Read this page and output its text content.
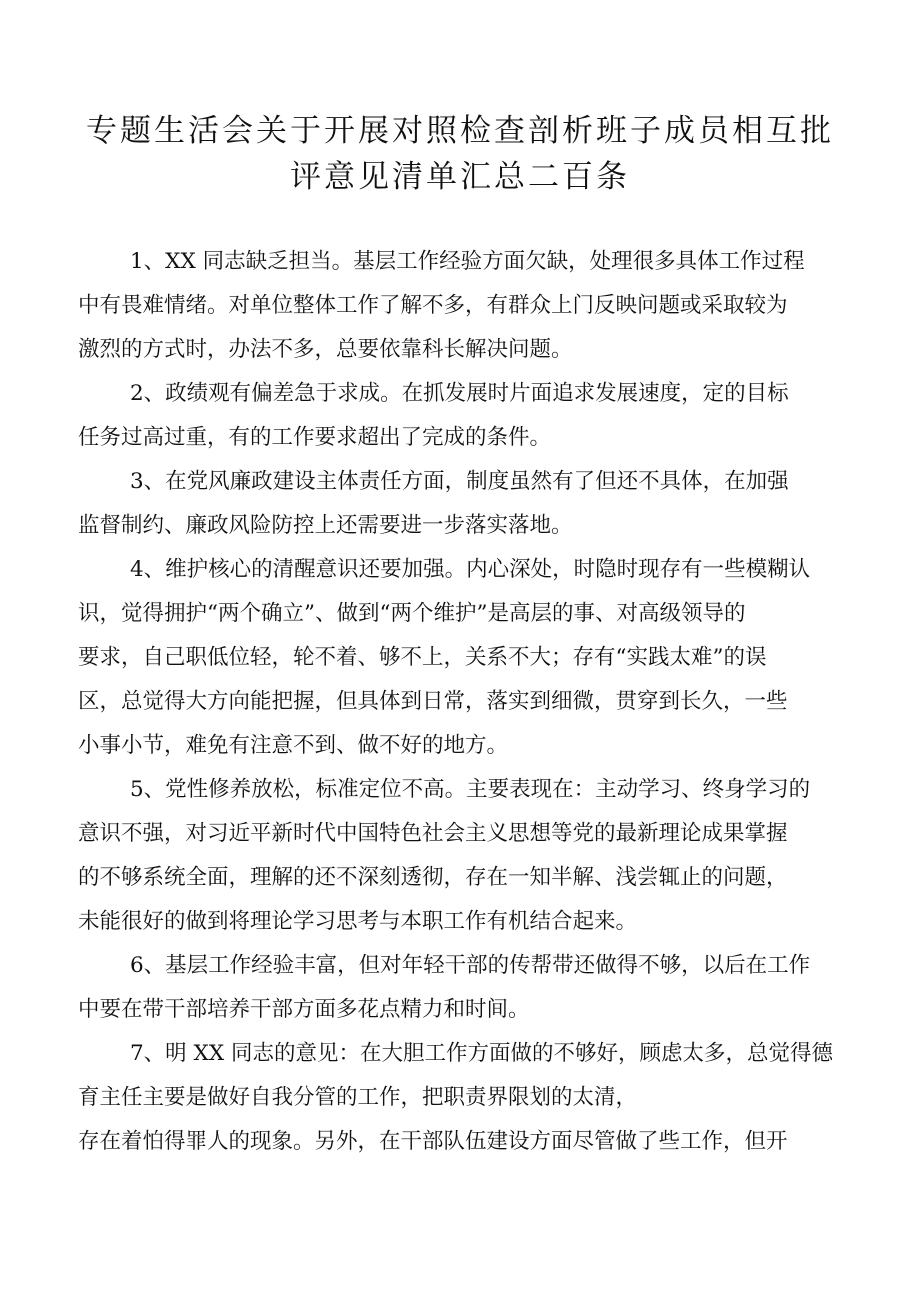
专题生活会关于开展对照检查剖析班子成员相互批
评意见清单汇总二百条

1、XX 同志缺乏担当。基层工作经验方面欠缺，处理很多具体工作过程
中有畏难情绪。对单位整体工作了解不多，有群众上门反映问题或采取较为
激烈的方式时，办法不多，总要依靠科长解决问题。

2、政绩观有偏差急于求成。在抓发展时片面追求发展速度，定的目标
任务过高过重，有的工作要求超出了完成的条件。

3、在党风廉政建设主体责任方面，制度虽然有了但还不具体，在加强
监督制约、廉政风险防控上还需要进一步落实落地。

4、维护核心的清醒意识还要加强。内心深处，时隐时现存有一些模糊认
识，觉得拥护“两个确立”、做到“两个维护”是高层的事、对高级领导的
要求，自己职低位轻，轮不着、够不上，关系不大；存有“实践太难”的误
区，总觉得大方向能把握，但具体到日常，落实到细微，贯穿到长久，一些
小事小节，难免有注意不到、做不好的地方。

5、党性修养放松，标准定位不高。主要表现在：主动学习、终身学习的
意识不强，对习近平新时代中国特色社会主义思想等党的最新理论成果掌握
的不够系统全面，理解的还不深刻透彻，存在一知半解、浅尝辄止的问题，
未能很好的做到将理论学习思考与本职工作有机结合起来。

6、基层工作经验丰富，但对年轻干部的传帮带还做得不够，以后在工作
中要在带干部培养干部方面多花点精力和时间。

7、明 XX 同志的意见：在大胆工作方面做的不够好，顾虑太多，总觉得德
育主任主要是做好自我分管的工作，把职责界限划的太清，
存在着怕得罪人的现象。另外，在干部队伍建设方面尽管做了些工作，但开
